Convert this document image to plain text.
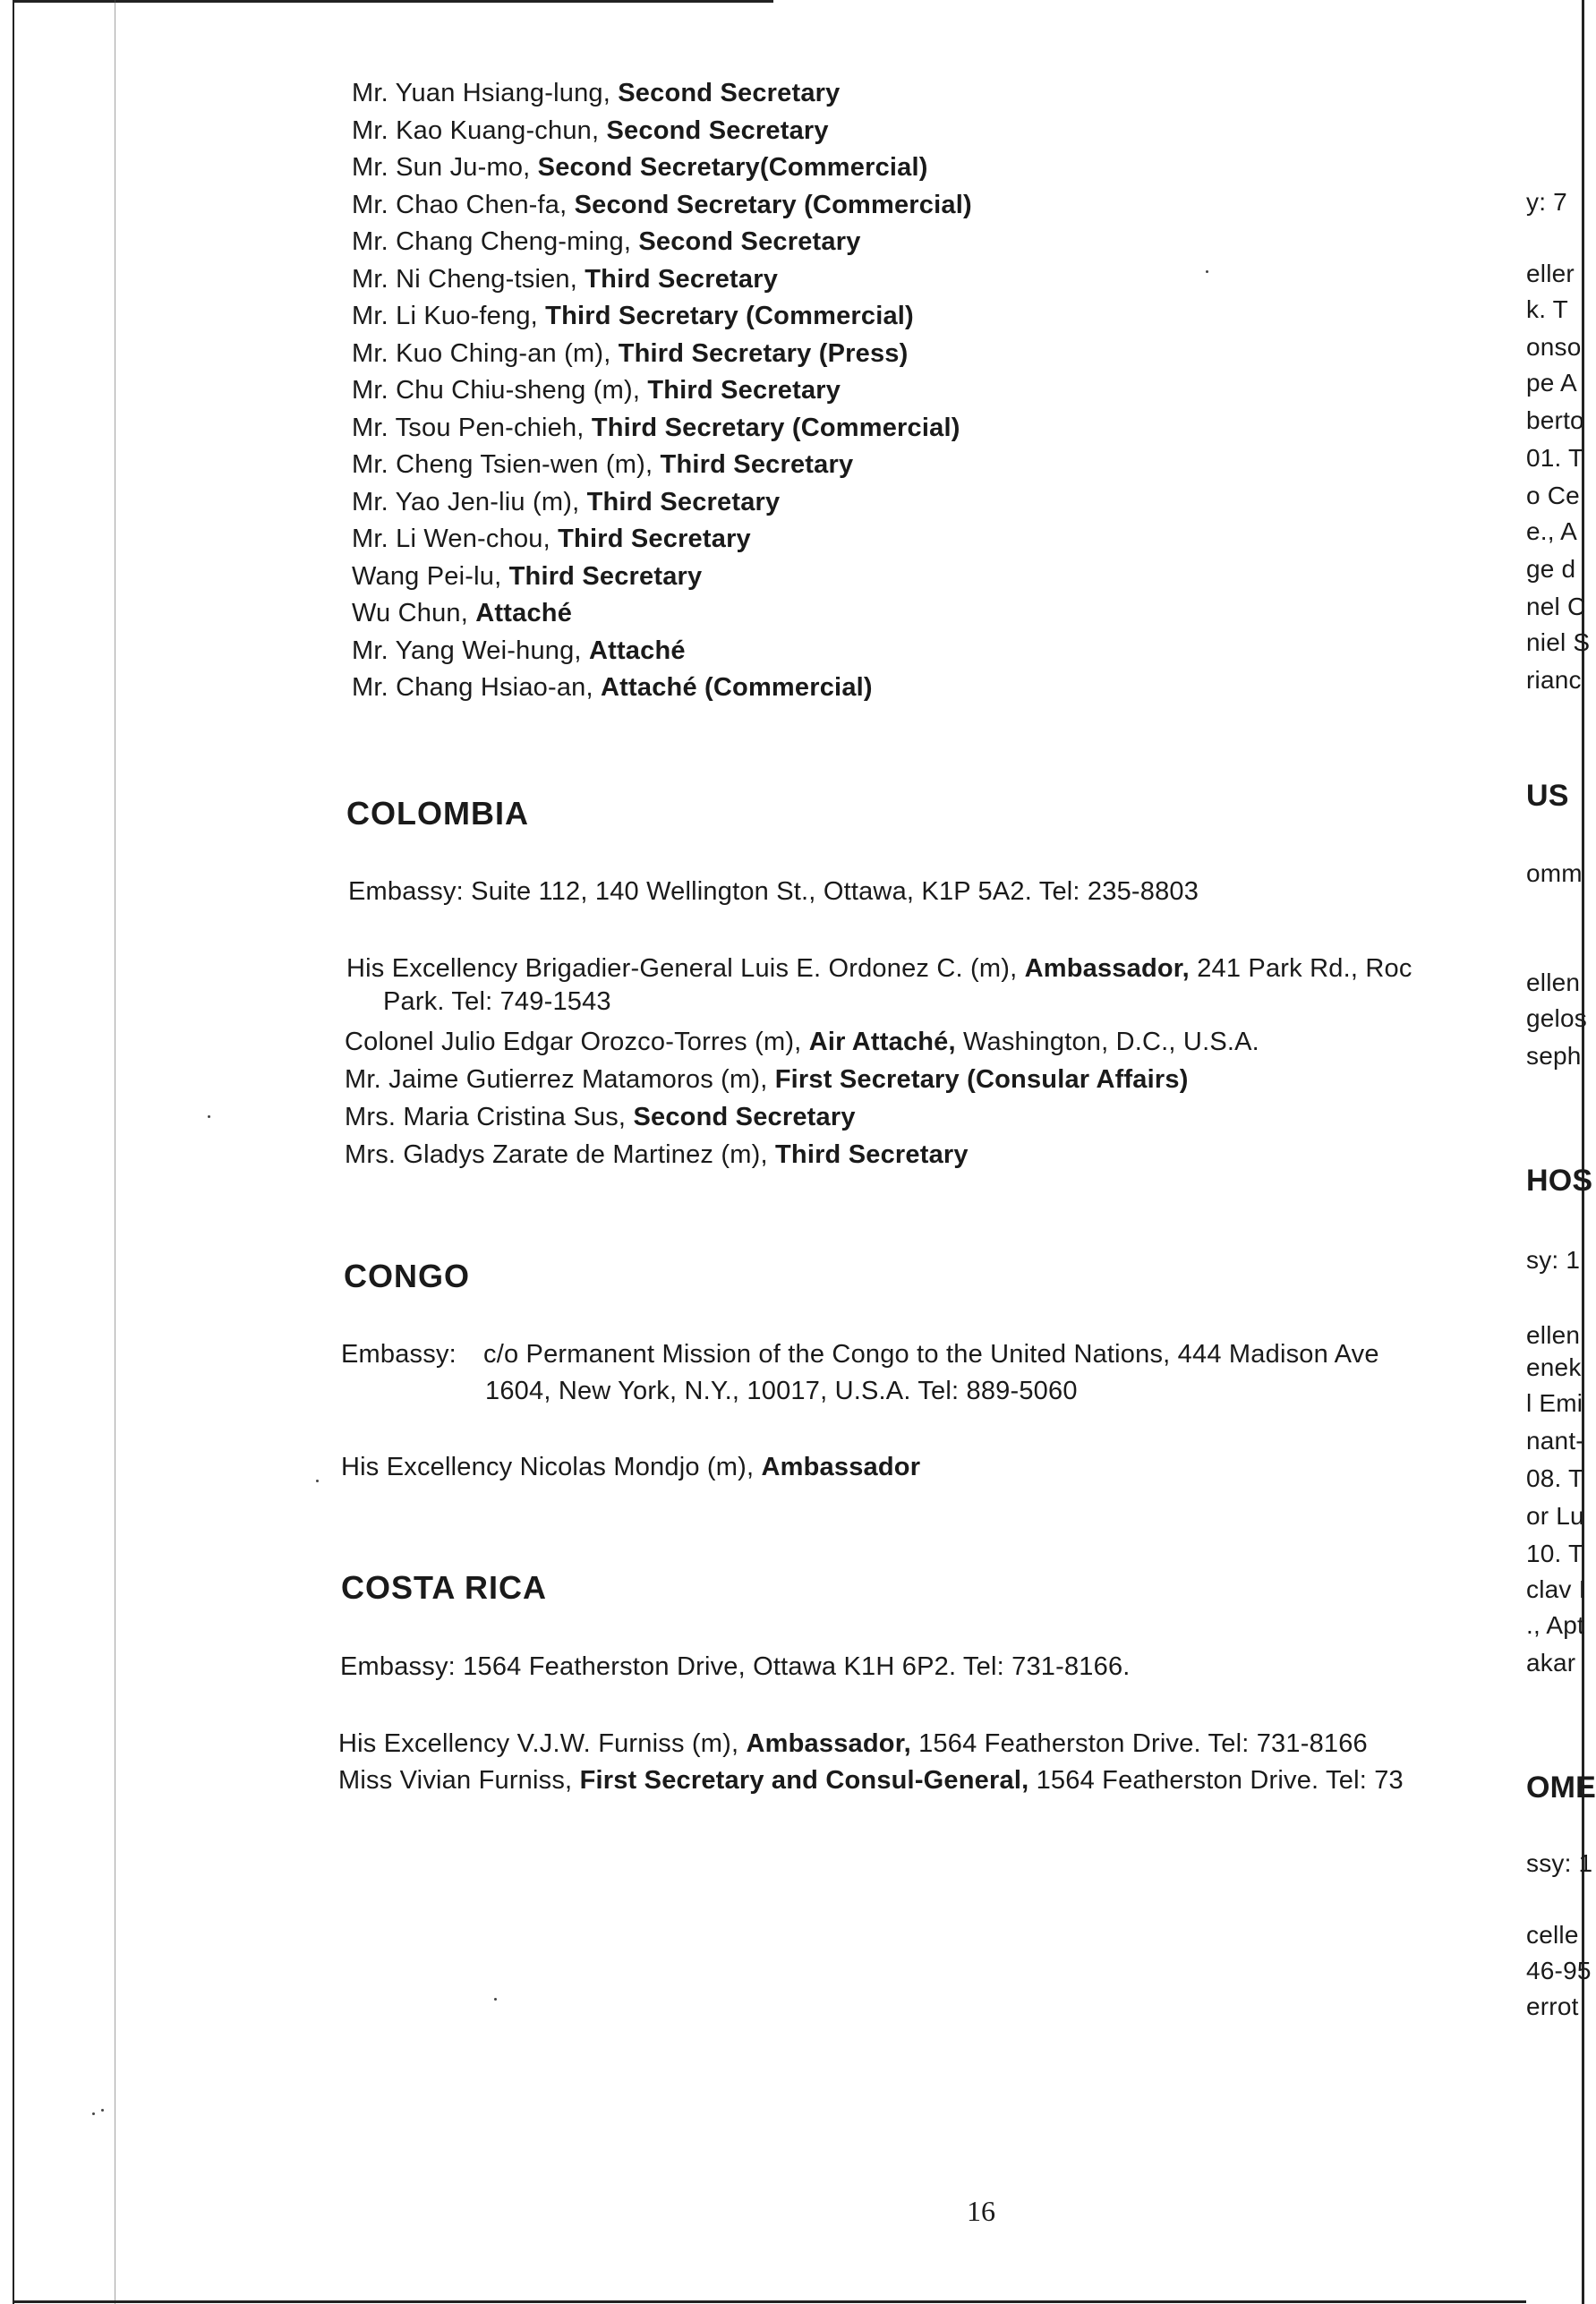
Mr. Yuan Hsiang-lung, Second Secretary
Mr. Kao Kuang-chun, Second Secretary
Mr. Sun Ju-mo, Second Secretary(Commercial)
Mr. Chao Chen-fa, Second Secretary (Commercial)
Mr. Chang Cheng-ming, Second Secretary
Mr. Ni Cheng-tsien, Third Secretary
Mr. Li Kuo-feng, Third Secretary (Commercial)
Mr. Kuo Ching-an (m), Third Secretary (Press)
Mr. Chu Chiu-sheng (m), Third Secretary
Mr. Tsou Pen-chieh, Third Secretary (Commercial)
Mr. Cheng Tsien-wen (m), Third Secretary
Mr. Yao Jen-liu (m), Third Secretary
Mr. Li Wen-chou, Third Secretary
Wang Pei-lu, Third Secretary
Wu Chun, Attaché
Mr. Yang Wei-hung, Attaché
Mr. Chang Hsiao-an, Attaché (Commercial)
COLOMBIA
Embassy: Suite 112, 140 Wellington St., Ottawa, K1P 5A2. Tel: 235-8803
His Excellency Brigadier-General Luis E. Ordonez C. (m), Ambassador, 241 Park Rd., Roc
Park. Tel: 749-1543
Colonel Julio Edgar Orozco-Torres (m), Air Attaché, Washington, D.C., U.S.A.
Mr. Jaime Gutierrez Matamoros (m), First Secretary (Consular Affairs)
Mrs. Maria Cristina Sus, Second Secretary
Mrs. Gladys Zarate de Martinez (m), Third Secretary
CONGO
Embassy: c/o Permanent Mission of the Congo to the United Nations, 444 Madison Ave
1604, New York, N.Y., 10017, U.S.A. Tel: 889-5060
His Excellency Nicolas Mondjo (m), Ambassador
COSTA RICA
Embassy: 1564 Featherston Drive, Ottawa K1H 6P2. Tel: 731-8166.
His Excellency V.J.W. Furniss (m), Ambassador, 1564 Featherston Drive. Tel: 731-8166
Miss Vivian Furniss, First Secretary and Consul-General, 1564 Featherston Drive. Tel: 73
16
y: 7
eller
k. T
onso
pe A
berto
01. T
o Ce
e., A
ge d
nel C
niel S
rianc
US
omm
ellen
gelos
seph
HOS
sy: 1
ellen
enek
l Emi
nant-
08. T
or Lu
10. T
clav I
., Apt
akar
OME
ssy: 1
celle
46-95
errot
